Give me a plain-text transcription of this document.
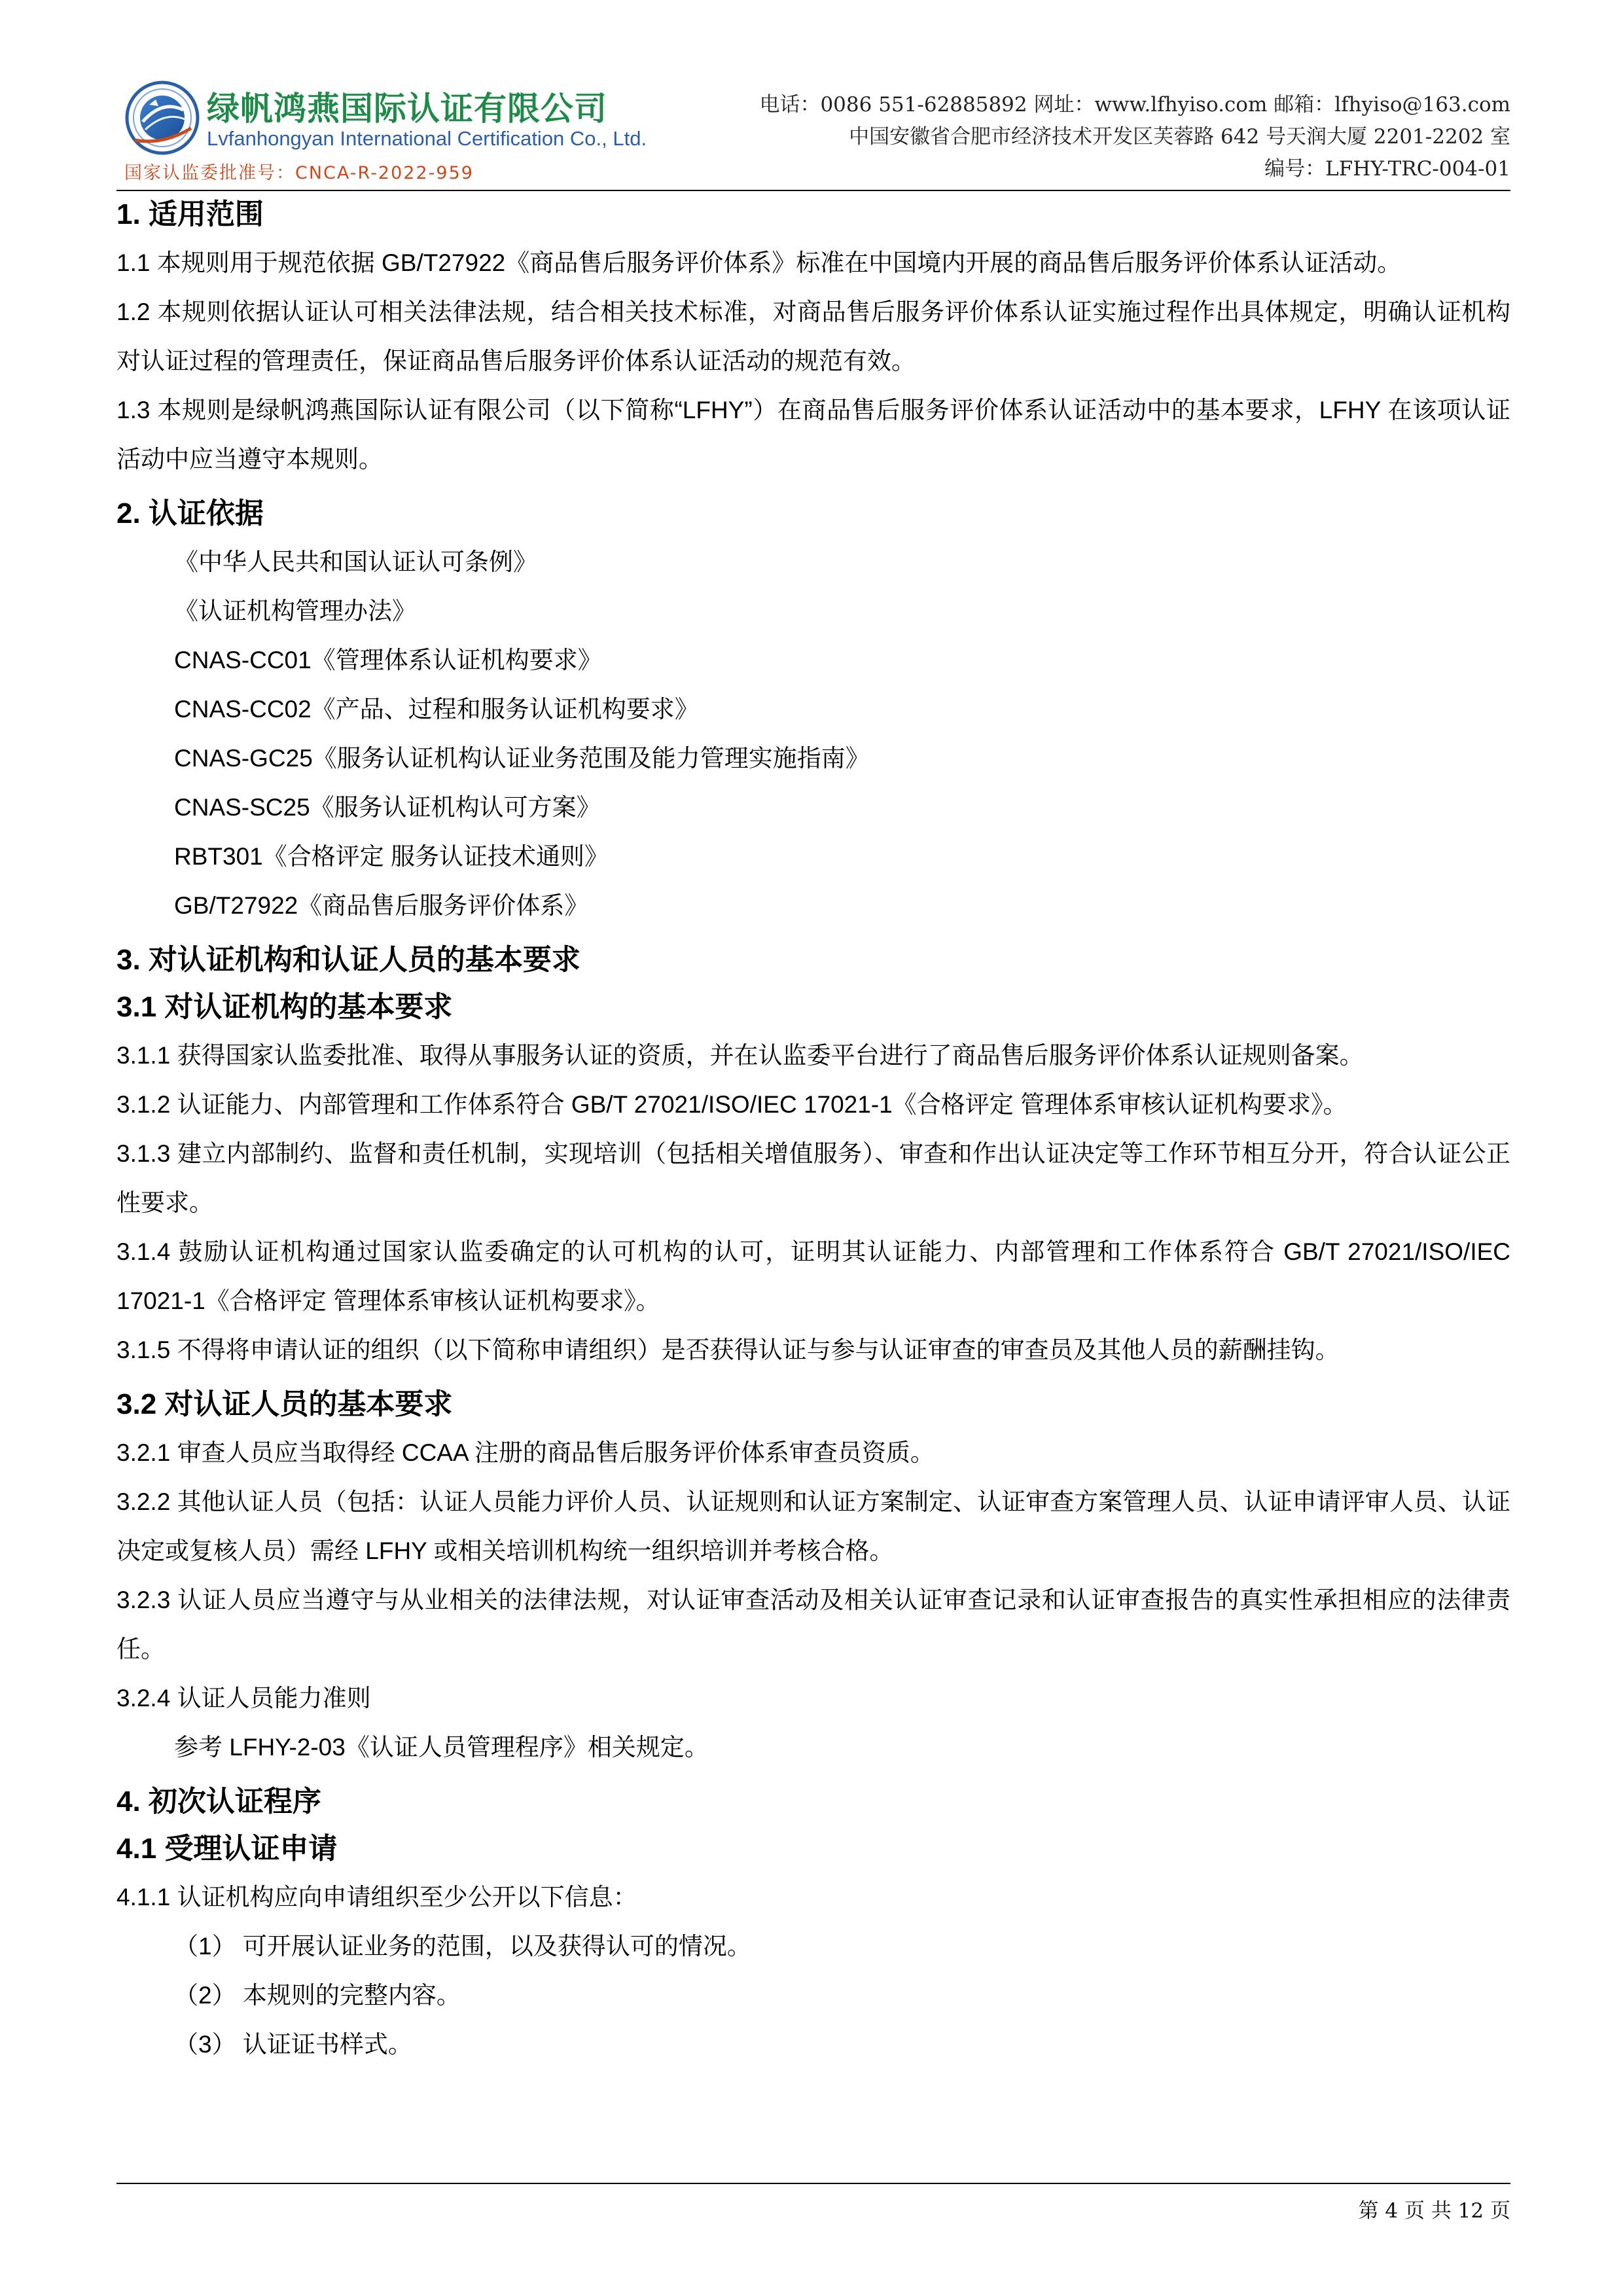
绿帆鸿燕国际认证有限公司
Lvfanhongyan International Certification Co., Ltd.
国家认监委批准号：CNCA-R-2022-959
电话：0086 551-62885892 网址：www.lfhyiso.com 邮箱：lfhyiso@163.com
中国安徽省合肥市经济技术开发区芙蓉路 642 号天润大厦 2201-2202 室
编号：LFHY-TRC-004-01
1. 适用范围

1.1 本规则用于规范依据 GB/T27922《商品售后服务评价体系》标准在中国境内开展的商品售后服务评价体系认证活动。

1.2 本规则依据认证认可相关法律法规，结合相关技术标准，对商品售后服务评价体系认证实施过程作出具体规定，明确认证机构对认证过程的管理责任，保证商品售后服务评价体系认证活动的规范有效。

1.3 本规则是绿帆鸿燕国际认证有限公司（以下简称“LFHY”）在商品售后服务评价体系认证活动中的基本要求，LFHY 在该项认证活动中应当遵守本规则。

2. 认证依据

《中华人民共和国认证认可条例》

《认证机构管理办法》

CNAS-CC01《管理体系认证机构要求》

CNAS-CC02《产品、过程和服务认证机构要求》

CNAS-GC25《服务认证机构认证业务范围及能力管理实施指南》

CNAS-SC25《服务认证机构认可方案》

RBT301《合格评定 服务认证技术通则》

GB/T27922《商品售后服务评价体系》

3. 对认证机构和认证人员的基本要求
3.1 对认证机构的基本要求

3.1.1 获得国家认监委批准、取得从事服务认证的资质，并在认监委平台进行了商品售后服务评价体系认证规则备案。

3.1.2 认证能力、内部管理和工作体系符合 GB/T 27021/ISO/IEC 17021-1《合格评定 管理体系审核认证机构要求》。

3.1.3 建立内部制约、监督和责任机制，实现培训（包括相关增值服务）、审查和作出认证决定等工作环节相互分开，符合认证公正性要求。

3.1.4 鼓励认证机构通过国家认监委确定的认可机构的认可，证明其认证能力、内部管理和工作体系符合 GB/T 27021/ISO/IEC 17021-1《合格评定 管理体系审核认证机构要求》。

3.1.5 不得将申请认证的组织（以下简称申请组织）是否获得认证与参与认证审查的审查员及其他人员的薪酬挂钩。

3.2 对认证人员的基本要求

3.2.1 审查人员应当取得经 CCAA 注册的商品售后服务评价体系审查员资质。

3.2.2 其他认证人员（包括：认证人员能力评价人员、认证规则和认证方案制定、认证审查方案管理人员、认证申请评审人员、认证决定或复核人员）需经 LFHY 或相关培训机构统一组织培训并考核合格。

3.2.3 认证人员应当遵守与从业相关的法律法规，对认证审查活动及相关认证审查记录和认证审查报告的真实性承担相应的法律责任。

3.2.4 认证人员能力准则

参考 LFHY-2-03《认证人员管理程序》相关规定。

4. 初次认证程序
4.1 受理认证申请

4.1.1 认证机构应向申请组织至少公开以下信息：

（1） 可开展认证业务的范围，以及获得认可的情况。

（2） 本规则的完整内容。

（3） 认证证书样式。

第 4 页 共 12 页
